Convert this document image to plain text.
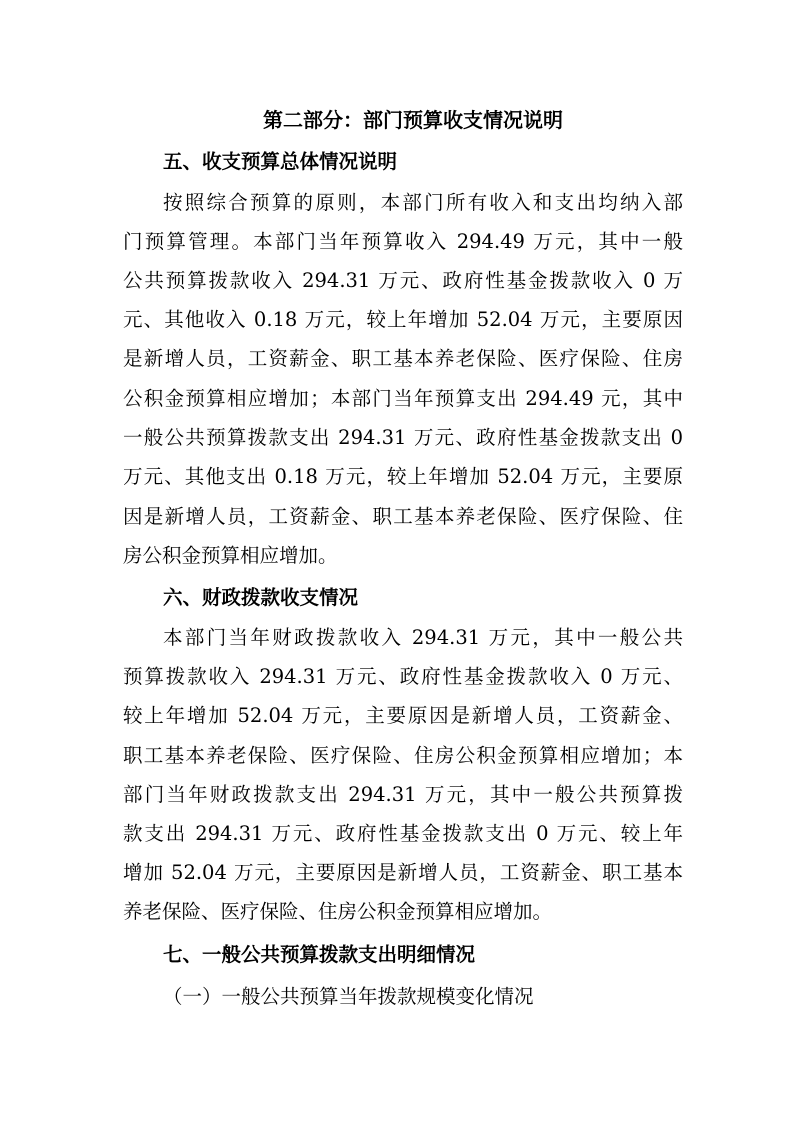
第二部分：部门预算收支情况说明
五、收支预算总体情况说明
按照综合预算的原则，本部门所有收入和支出均纳入部
门预算管理。本部门当年预算收入 294.49 万元，其中一般
公共预算拨款收入 294.31 万元、政府性基金拨款收入 0 万
元、其他收入 0.18 万元，较上年增加 52.04 万元，主要原因
是新增人员，工资薪金、职工基本养老保险、医疗保险、住房
公积金预算相应增加；本部门当年预算支出 294.49 元，其中
一般公共预算拨款支出 294.31 万元、政府性基金拨款支出 0
万元、其他支出 0.18 万元，较上年增加 52.04 万元，主要原
因是新增人员，工资薪金、职工基本养老保险、医疗保险、住
房公积金预算相应增加。
六、财政拨款收支情况
本部门当年财政拨款收入 294.31 万元，其中一般公共
预算拨款收入 294.31 万元、政府性基金拨款收入 0 万元、
较上年增加 52.04 万元，主要原因是新增人员，工资薪金、
职工基本养老保险、医疗保险、住房公积金预算相应增加；本
部门当年财政拨款支出 294.31 万元，其中一般公共预算拨
款支出 294.31 万元、政府性基金拨款支出 0 万元、较上年
增加 52.04 万元，主要原因是新增人员，工资薪金、职工基本
养老保险、医疗保险、住房公积金预算相应增加。
七、一般公共预算拨款支出明细情况
（一）一般公共预算当年拨款规模变化情况
